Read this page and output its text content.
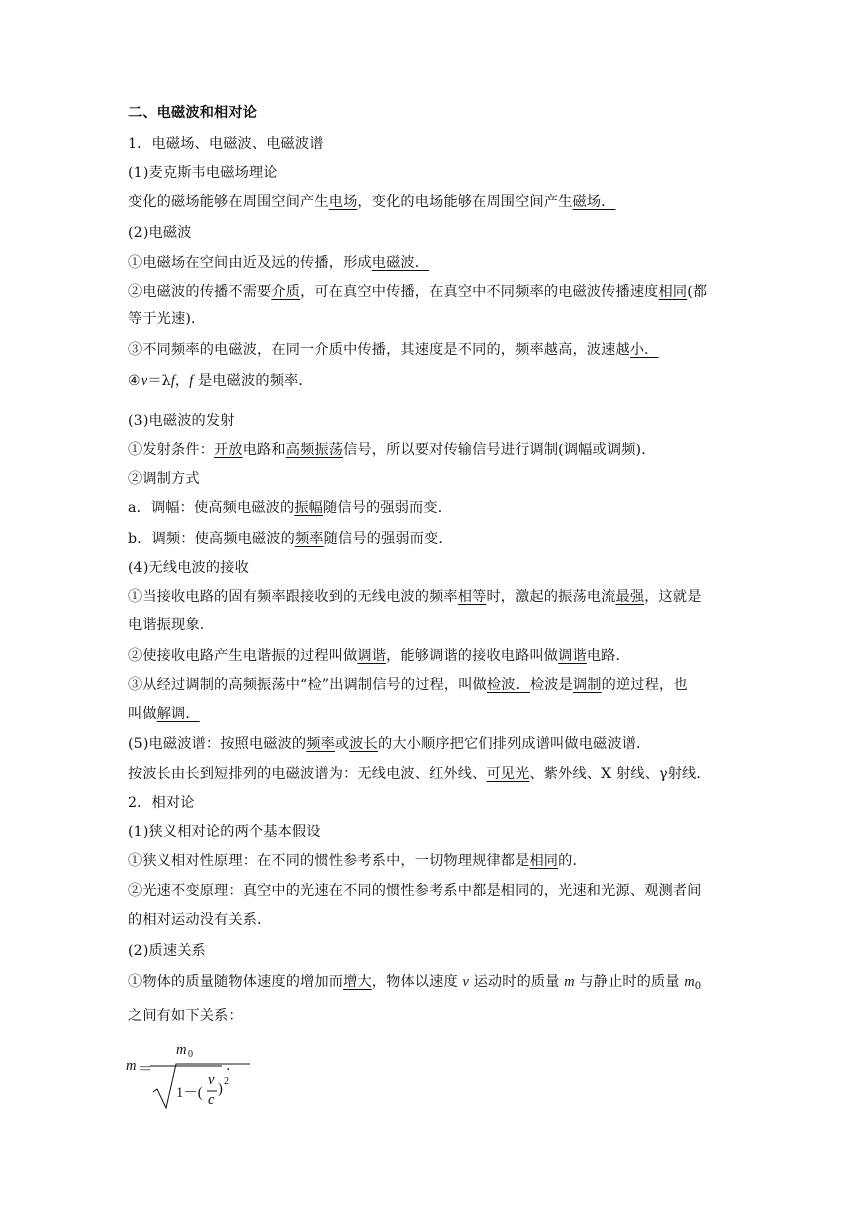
二、电磁波和相对论
1．电磁场、电磁波、电磁波谱
(1)麦克斯韦电磁场理论
变化的磁场能够在周围空间产生电场，变化的电场能够在周围空间产生磁场．
(2)电磁波
①电磁场在空间由近及远的传播，形成电磁波．
②电磁波的传播不需要介质，可在真空中传播，在真空中不同频率的电磁波传播速度相同(都
等于光速)．
③不同频率的电磁波，在同一介质中传播，其速度是不同的，频率越高，波速越小．
④v＝λf，f 是电磁波的频率．
(3)电磁波的发射
①发射条件：开放电路和高频振荡信号，所以要对传输信号进行调制(调幅或调频)．
②调制方式
a．调幅：使高频电磁波的振幅随信号的强弱而变．
b．调频：使高频电磁波的频率随信号的强弱而变．
(4)无线电波的接收
①当接收电路的固有频率跟接收到的无线电波的频率相等时，激起的振荡电流最强，这就是
电谐振现象．
②使接收电路产生电谐振的过程叫做调谐，能够调谐的接收电路叫做调谐电路．
③从经过调制的高频振荡中“检”出调制信号的过程，叫做检波．检波是调制的逆过程，也
叫做解调．
(5)电磁波谱：按照电磁波的频率或波长的大小顺序把它们排列成谱叫做电磁波谱．
按波长由长到短排列的电磁波谱为：无线电波、红外线、可见光、紫外线、X 射线、γ射线．
2．相对论
(1)狭义相对论的两个基本假设
①狭义相对性原理：在不同的惯性参考系中，一切物理规律都是相同的．
②光速不变原理：真空中的光速在不同的惯性参考系中都是相同的，光速和光源、观测者间
的相对运动没有关系．
(2)质速关系
①物体的质量随物体速度的增加而增大，物体以速度 v 运动时的质量 m 与静止时的质量 $m_0$
之间有如下关系：
m ＝
m 0
1－(
v
c
) 2
．
